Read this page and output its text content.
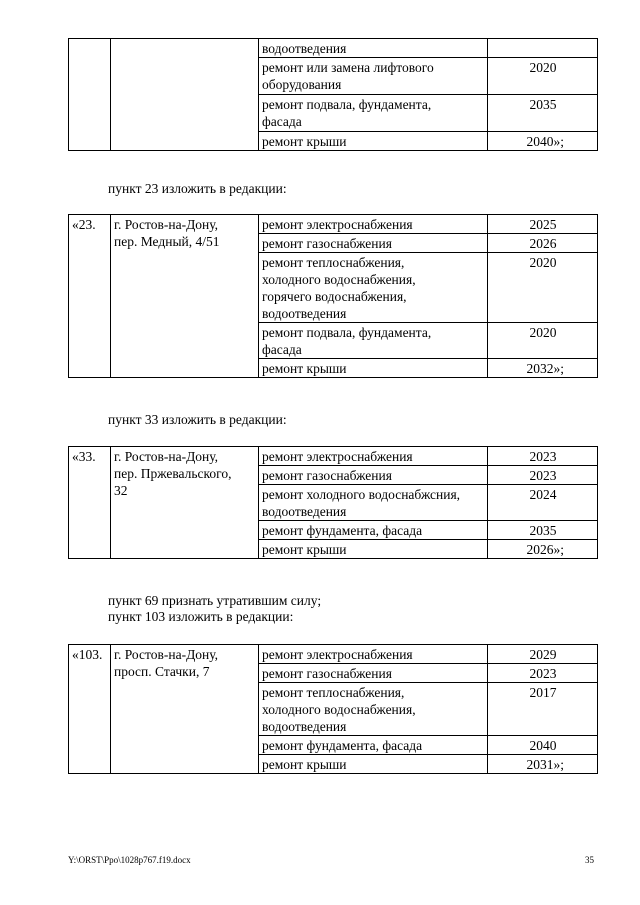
		водоотведения	
		ремонт или замена лифтового
оборудования	2020
		ремонт подвала, фундамента,
фасада	2035
		ремонт крыши	2040»;
пункт 23 изложить в редакции:
«23.	г. Ростов-на-Дону,
пер. Медный, 4/51	ремонт электроснабжения	2025
		ремонт газоснабжения	2026
		ремонт теплоснабжения,
холодного водоснабжения,
горячего водоснабжения,
водоотведения	2020
		ремонт подвала, фундамента,
фасада	2020
		ремонт крыши	2032»;
пункт 33 изложить в редакции:
«33.	г. Ростов-на-Дону,
пер. Пржевальского,
32	ремонт электроснабжения	2023
		ремонт газоснабжения	2023
		ремонт холодного водоснабжсния,
водоотведения	2024
		ремонт фундамента, фасада	2035
		ремонт крыши	2026»;
пункт 69 признать утратившим силу;
пункт 103 изложить в редакции:
«103.	г. Ростов-на-Дону,
просп. Стачки, 7	ремонт электроснабжения	2029
		ремонт газоснабжения	2023
		ремонт теплоснабжения,
холодного водоснабжения,
водоотведения	2017
		ремонт фундамента, фасада	2040
		ремонт крыши	2031»;
Y:\ORST\Ppo\1028p767.f19.docx	35
